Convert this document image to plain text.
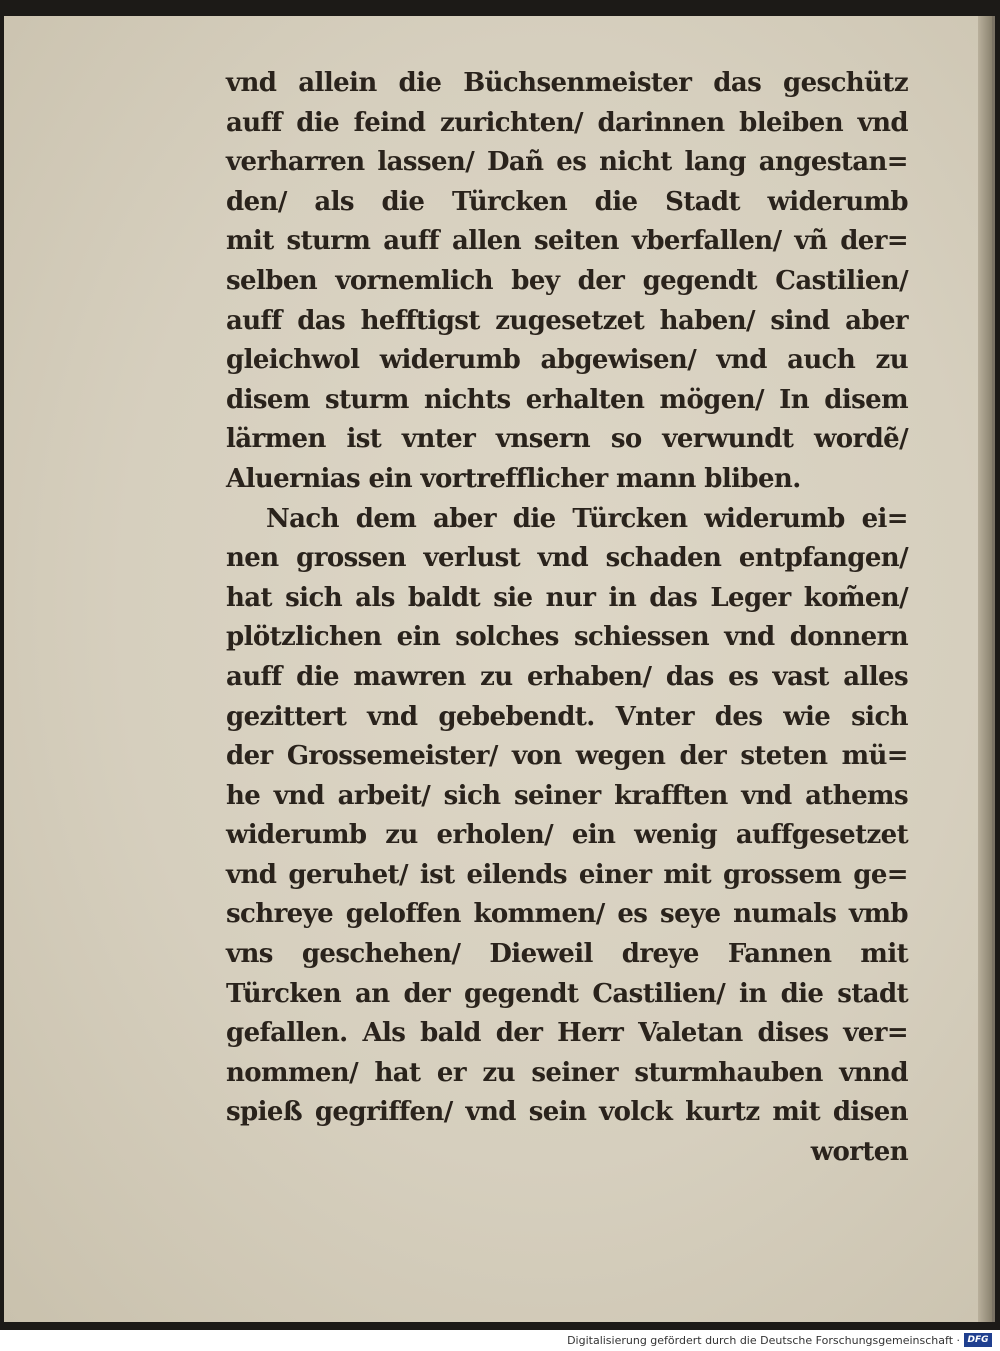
vnd allein die Büchsenmeister das geschütz
auff die feind zurichten/ darinnen bleiben vnd
verharren lassen/ Dañ es nicht lang angestan=
den/ als die Türcken die Stadt widerumb
mit sturm auff allen seiten vberfallen/ vñ der=
selben vornemlich bey der gegendt Castilien/
auff das hefftigst zugesetzet haben/ sind aber
gleichwol widerumb abgewisen/ vnd auch zu
disem sturm nichts erhalten mögen/ In disem
lärmen ist vnter vnsern so verwundt wordẽ/
Aluernias ein vortrefflicher mann bliben.
Nach dem aber die Türcken widerumb ei=
nen grossen verlust vnd schaden entpfangen/
hat sich als baldt sie nur in das Leger kom̃en/
plötzlichen ein solches schiessen vnd donnern
auff die mawren zu erhaben/ das es vast alles
gezittert vnd gebebendt. Vnter des wie sich
der Grossemeister/ von wegen der steten mü=
he vnd arbeit/ sich seiner krafften vnd athems
widerumb zu erholen/ ein wenig auffgesetzet
vnd geruhet/ ist eilends einer mit grossem ge=
schreye geloffen kommen/ es seye numals vmb
vns geschehen/ Dieweil dreye Fannen mit
Türcken an der gegendt Castilien/ in die stadt
gefallen. Als bald der Herr Valetan dises ver=
nommen/ hat er zu seiner sturmhauben vnnd
spieß gegriffen/ vnd sein volck kurtz mit disen
worten
Digitalisierung gefördert durch die Deutsche Forschungsgemeinschaft · DFG
